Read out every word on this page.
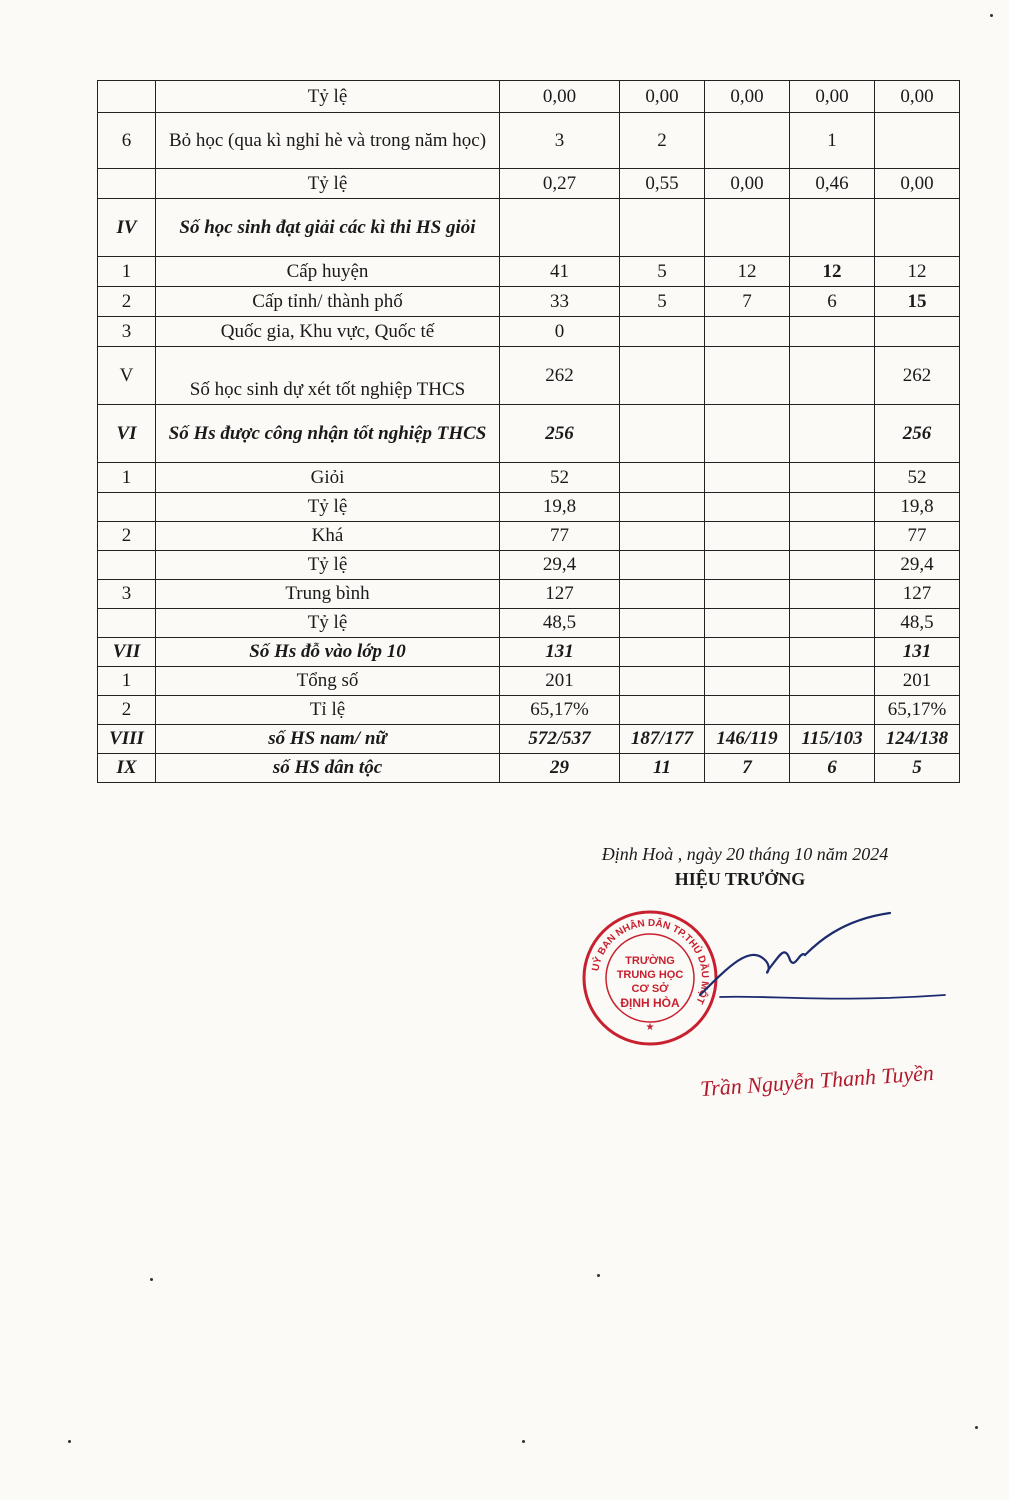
	Tỷ lệ	0,00	0,00	0,00	0,00	0,00
6	Bỏ học (qua kì nghỉ hè và trong năm học)	3	2		1	
	Tỷ lệ	0,27	0,55	0,00	0,46	0,00
IV	Số học sinh đạt giải các kì thi HS giỏi					
1	Cấp huyện	41	5	12	12	12
2	Cấp tỉnh/ thành phố	33	5	7	6	15
3	Quốc gia, Khu vực, Quốc tế	0				
V	Số học sinh dự xét tốt nghiệp THCS	262				262
VI	Số Hs được công nhận tốt nghiệp THCS	256				256
1	Giỏi	52				52
	Tỷ lệ	19,8				19,8
2	Khá	77				77
	Tỷ lệ	29,4				29,4
3	Trung bình	127				127
	Tỷ lệ	48,5				48,5
VII	Số Hs đỗ vào lớp 10	131				131
1	Tổng số	201				201
2	Tỉ lệ	65,17%				65,17%
VIII	số HS nam/ nữ	572/537	187/177	146/119	115/103	124/138
IX	số HS dân tộc	29	11	7	6	5
Định Hoà , ngày 20 tháng 10 năm 2024
HIỆU TRƯỞNG
UỶ BAN NHÂN DÂN TP.THỦ DẦU MỘT
TRƯỜNG
TRUNG HỌC
CƠ SỞ
ĐỊNH HÒA
★
Trần Nguyễn Thanh Tuyền
